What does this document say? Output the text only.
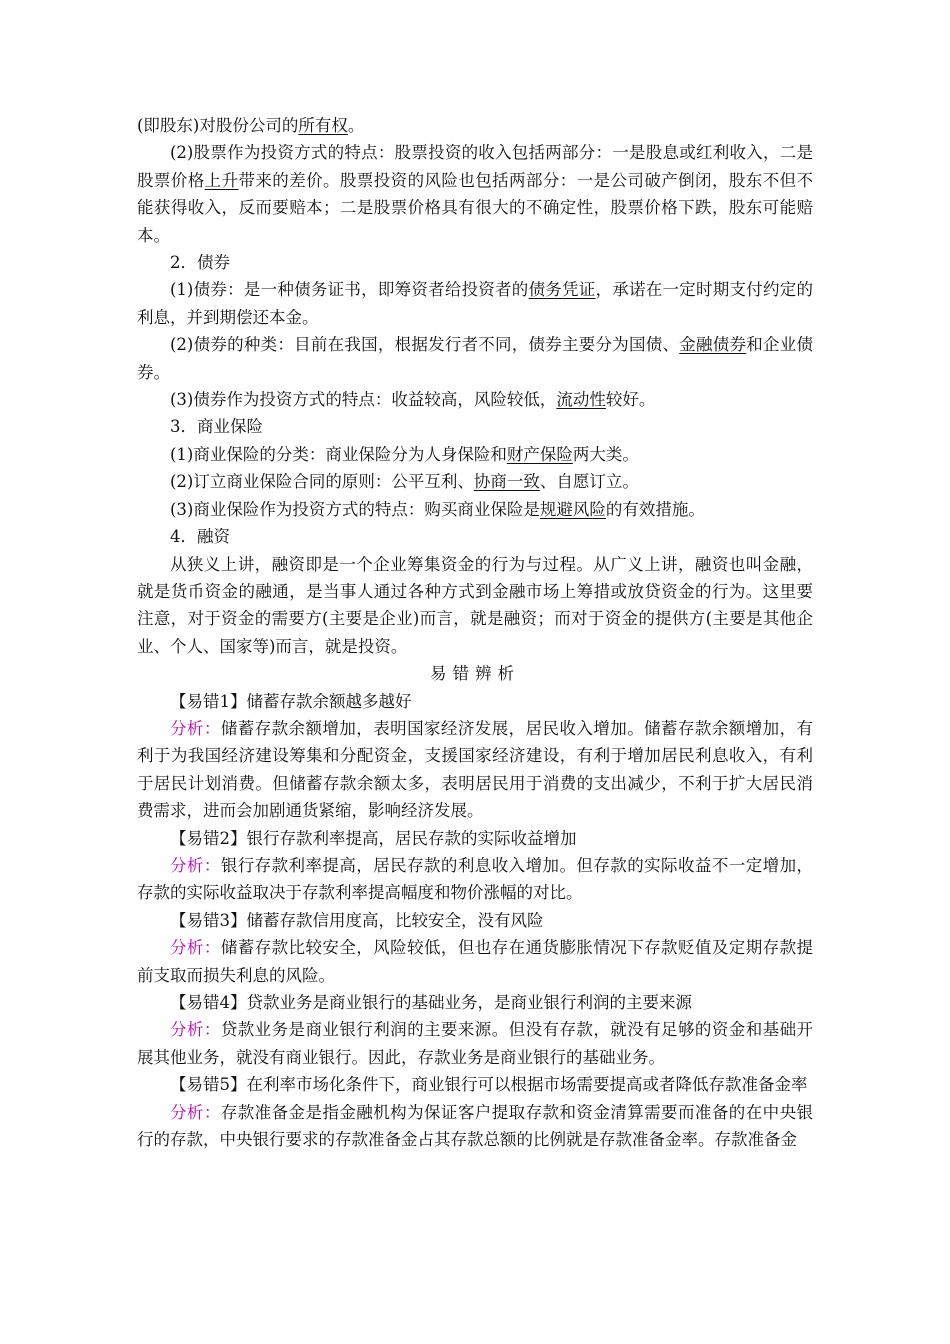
(即股东)对股份公司的所有权。

(2)股票作为投资方式的特点：股票投资的收入包括两部分：一是股息或红利收入，二是股票价格上升带来的差价。股票投资的风险也包括两部分：一是公司破产倒闭，股东不但不能获得收入，反而要赔本；二是股票价格具有很大的不确定性，股票价格下跌，股东可能赔本。

2．债券

(1)债券：是一种债务证书，即筹资者给投资者的债务凭证，承诺在一定时期支付约定的利息，并到期偿还本金。

(2)债券的种类：目前在我国，根据发行者不同，债券主要分为国债、金融债券和企业债券。

(3)债券作为投资方式的特点：收益较高，风险较低，流动性较好。

3．商业保险

(1)商业保险的分类：商业保险分为人身保险和财产保险两大类。

(2)订立商业保险合同的原则：公平互利、协商一致、自愿订立。

(3)商业保险作为投资方式的特点：购买商业保险是规避风险的有效措施。

4．融资

从狭义上讲，融资即是一个企业筹集资金的行为与过程。从广义上讲，融资也叫金融，就是货币资金的融通，是当事人通过各种方式到金融市场上筹措或放贷资金的行为。这里要注意，对于资金的需要方(主要是企业)而言，就是融资；而对于资金的提供方(主要是其他企业、个人、国家等)而言，就是投资。

易错辨析

【易错1】储蓄存款余额越多越好

分析：储蓄存款余额增加，表明国家经济发展，居民收入增加。储蓄存款余额增加，有利于为我国经济建设筹集和分配资金，支援国家经济建设，有利于增加居民利息收入，有利于居民计划消费。但储蓄存款余额太多，表明居民用于消费的支出减少，不利于扩大居民消费需求，进而会加剧通货紧缩，影响经济发展。

【易错2】银行存款利率提高，居民存款的实际收益增加

分析：银行存款利率提高，居民存款的利息收入增加。但存款的实际收益不一定增加，存款的实际收益取决于存款利率提高幅度和物价涨幅的对比。

【易错3】储蓄存款信用度高，比较安全，没有风险

分析：储蓄存款比较安全，风险较低，但也存在通货膨胀情况下存款贬值及定期存款提前支取而损失利息的风险。

【易错4】贷款业务是商业银行的基础业务，是商业银行利润的主要来源

分析：贷款业务是商业银行利润的主要来源。但没有存款，就没有足够的资金和基础开展其他业务，就没有商业银行。因此，存款业务是商业银行的基础业务。

【易错5】在利率市场化条件下，商业银行可以根据市场需要提高或者降低存款准备金率

分析：存款准备金是指金融机构为保证客户提取存款和资金清算需要而准备的在中央银行的存款，中央银行要求的存款准备金占其存款总额的比例就是存款准备金率。存款准备金
